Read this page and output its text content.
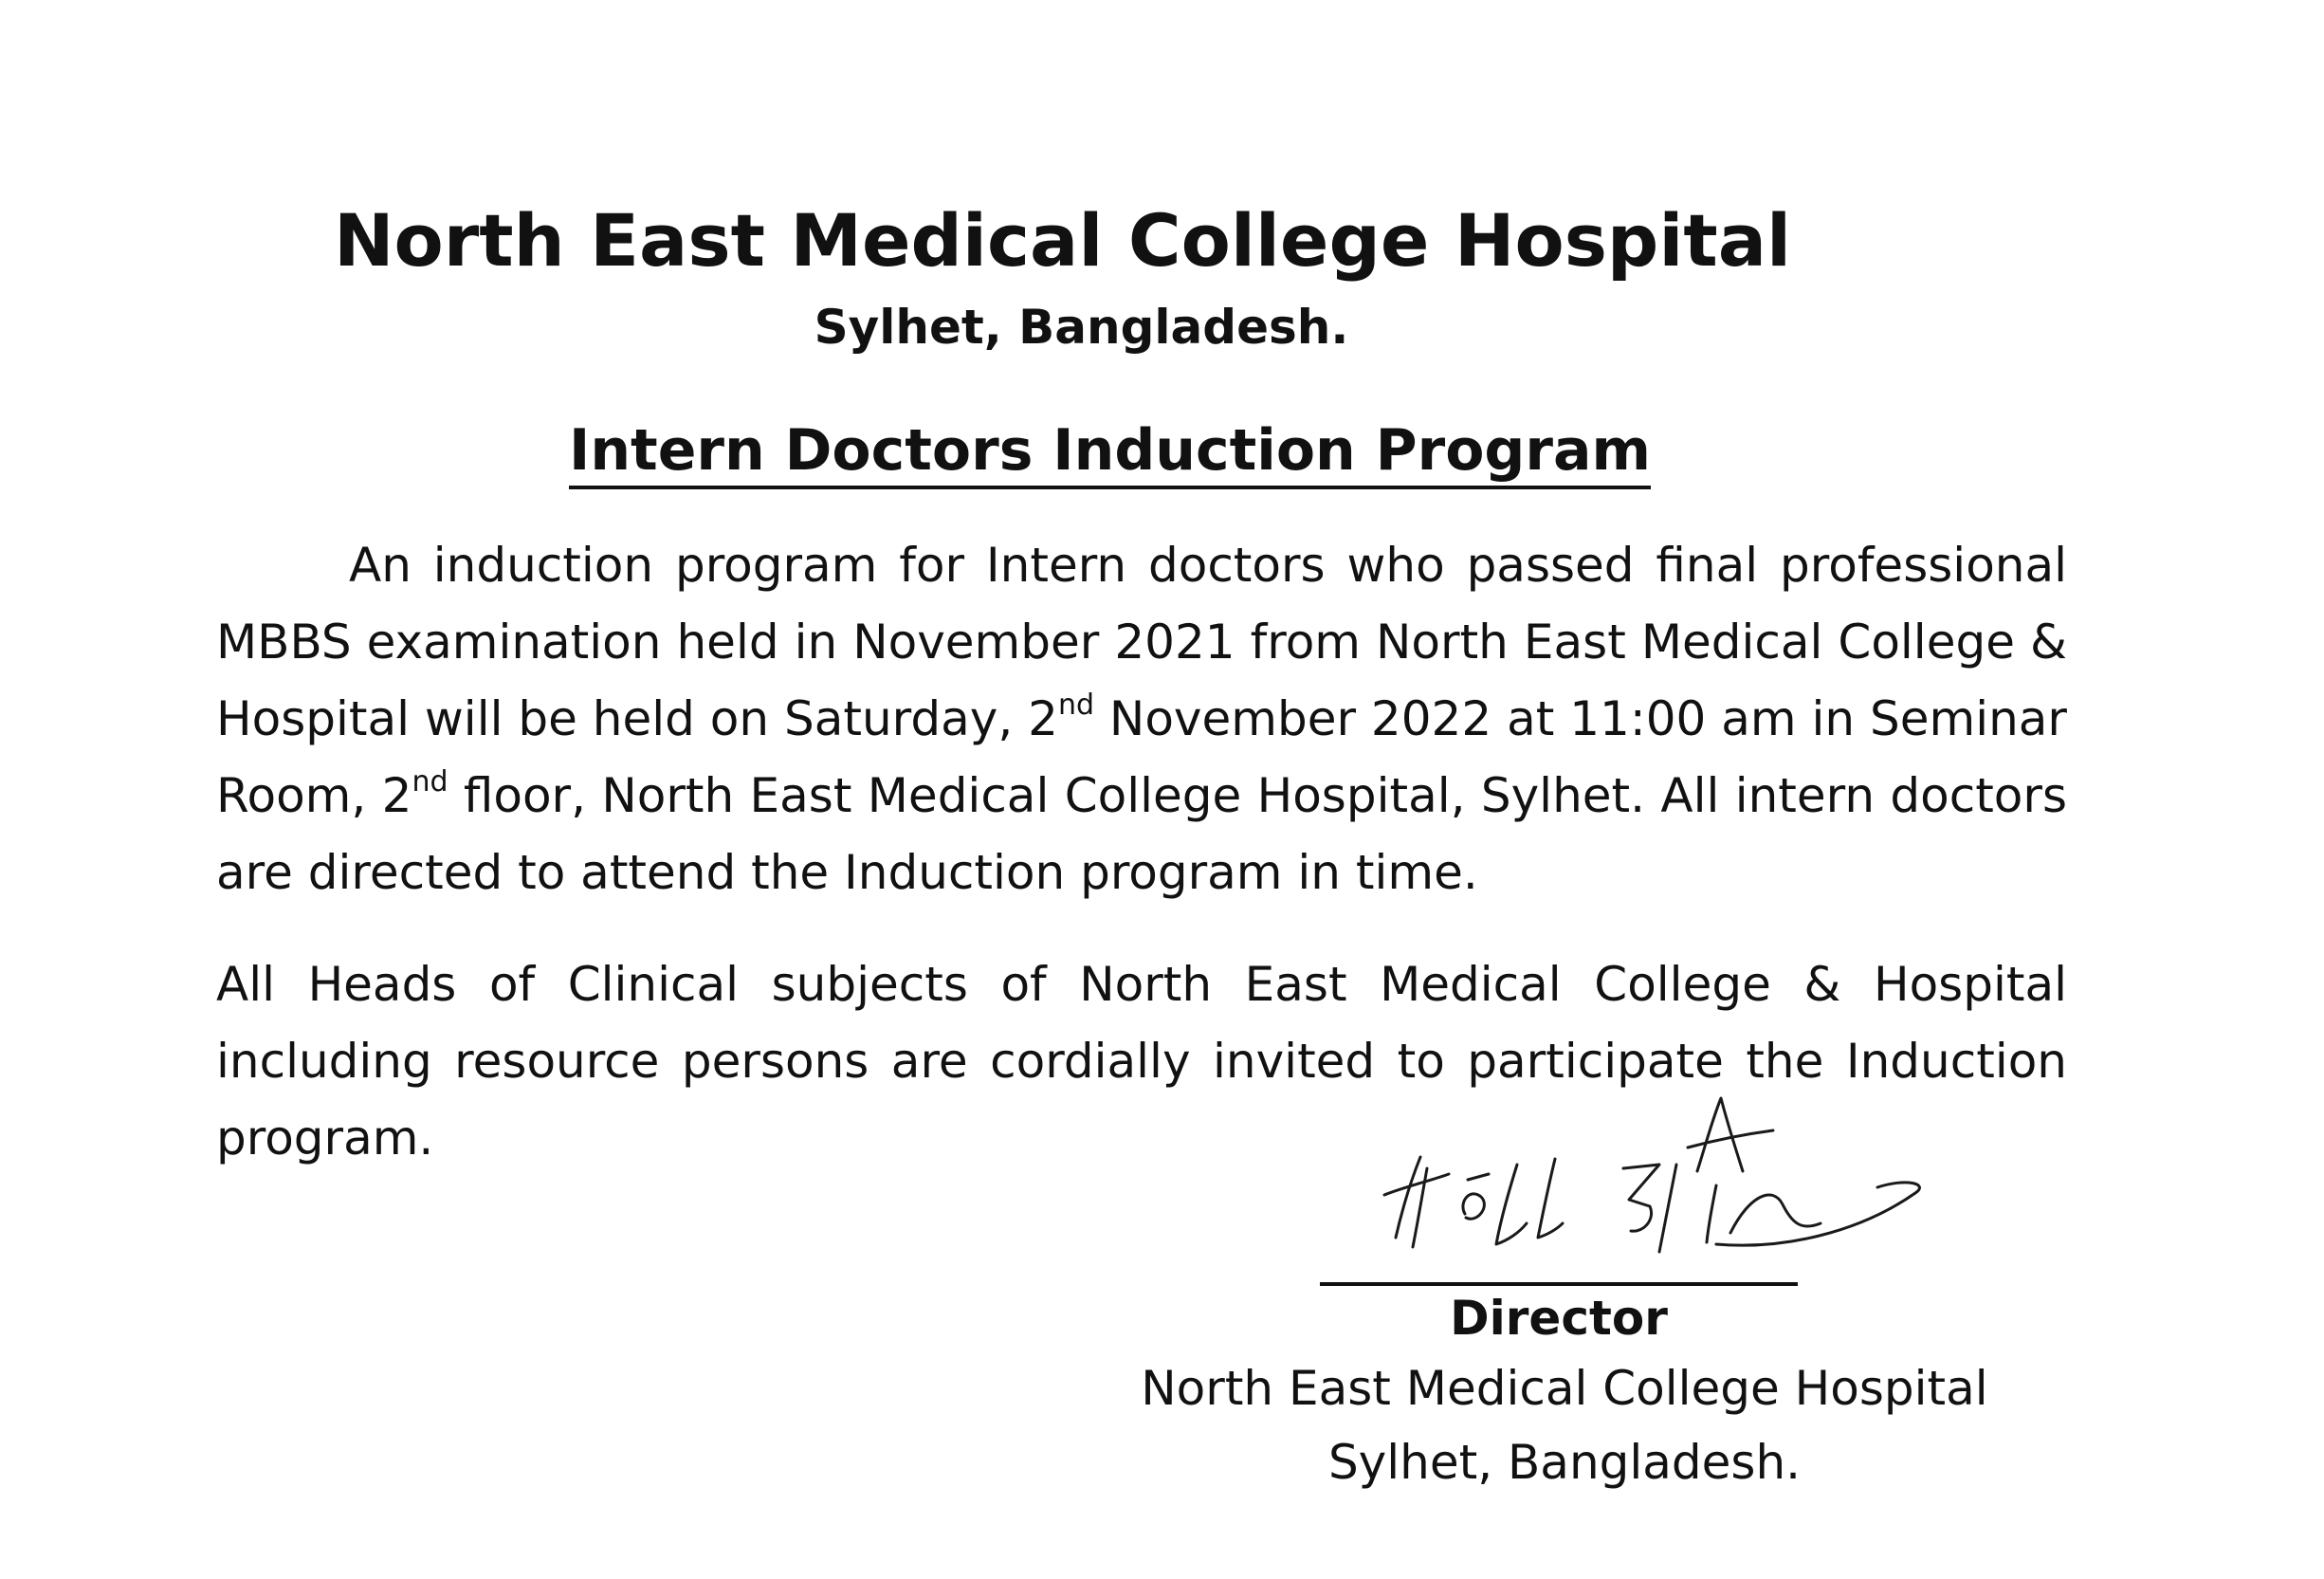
North East Medical College Hospital
Sylhet, Bangladesh.
Intern Doctors Induction Program

An induction program for Intern doctors who passed final professional MBBS examination held in November 2021 from North East Medical College & Hospital will be held on Saturday, 2nd November 2022 at 11:00 am in Seminar Room, 2nd floor, North East Medical College Hospital, Sylhet. All intern doctors are directed to attend the Induction program in time.

All Heads of Clinical subjects of North East Medical College & Hospital including resource persons are cordially invited to participate the Induction program.

Director
North East Medical College Hospital
Sylhet, Bangladesh.
